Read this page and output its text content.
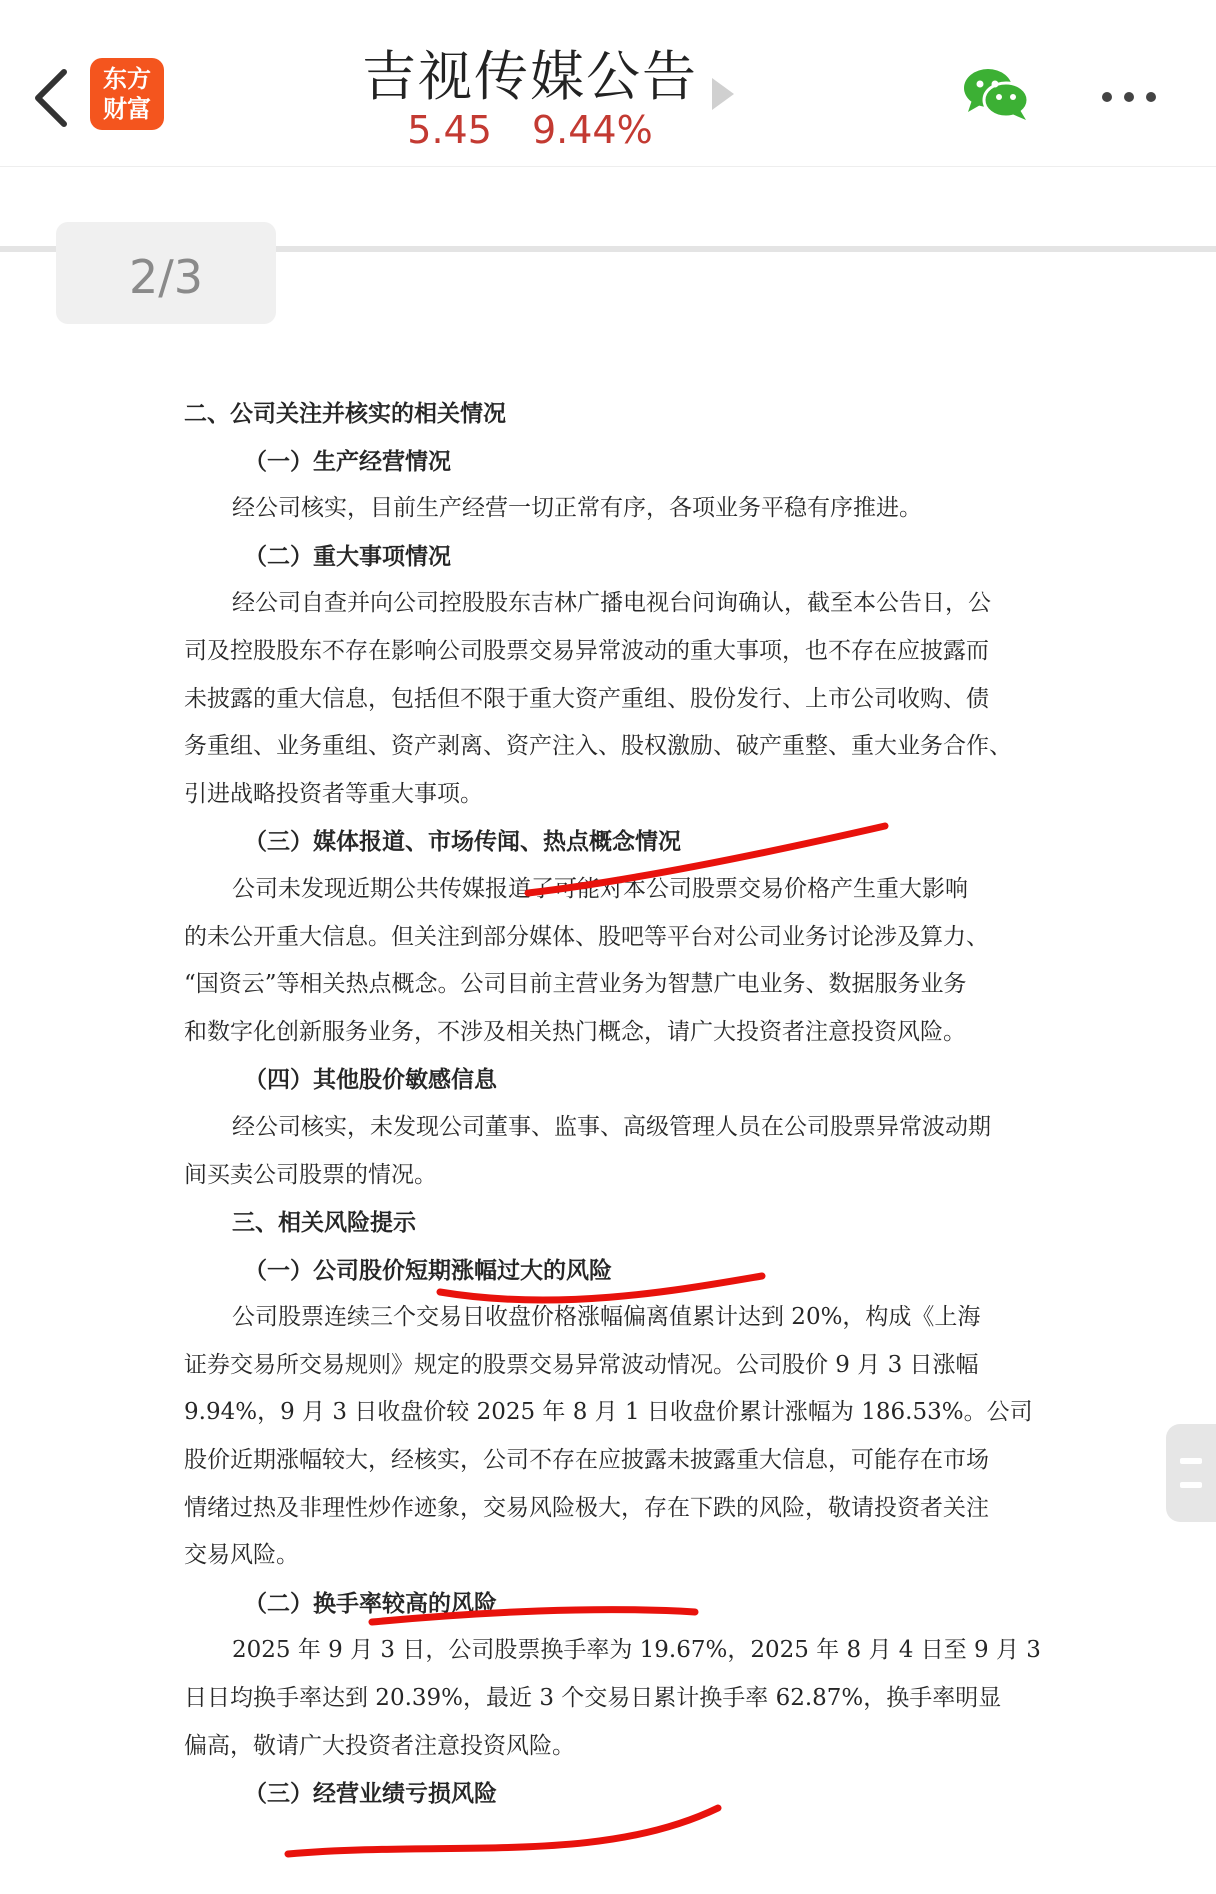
东方
财富
吉视传媒公告
5.45 9.44%
2/3
二、公司关注并核实的相关情况
（一）生产经营情况
经公司核实，目前生产经营一切正常有序，各项业务平稳有序推进。
（二）重大事项情况
经公司自查并向公司控股股东吉林广播电视台问询确认，截至本公告日，公
司及控股股东不存在影响公司股票交易异常波动的重大事项，也不存在应披露而
未披露的重大信息，包括但不限于重大资产重组、股份发行、上市公司收购、债
务重组、业务重组、资产剥离、资产注入、股权激励、破产重整、重大业务合作、
引进战略投资者等重大事项。
（三）媒体报道、市场传闻、热点概念情况
公司未发现近期公共传媒报道了可能对本公司股票交易价格产生重大影响
的未公开重大信息。但关注到部分媒体、股吧等平台对公司业务讨论涉及算力、
“国资云”等相关热点概念。公司目前主营业务为智慧广电业务、数据服务业务
和数字化创新服务业务，不涉及相关热门概念，请广大投资者注意投资风险。
（四）其他股价敏感信息
经公司核实，未发现公司董事、监事、高级管理人员在公司股票异常波动期
间买卖公司股票的情况。
三、相关风险提示
（一）公司股价短期涨幅过大的风险
公司股票连续三个交易日收盘价格涨幅偏离值累计达到 20%，构成《上海
证券交易所交易规则》规定的股票交易异常波动情况。公司股价 9 月 3 日涨幅
9.94%，9 月 3 日收盘价较 2025 年 8 月 1 日收盘价累计涨幅为 186.53%。公司
股价近期涨幅较大，经核实，公司不存在应披露未披露重大信息，可能存在市场
情绪过热及非理性炒作迹象，交易风险极大，存在下跌的风险，敬请投资者关注
交易风险。
（二）换手率较高的风险
2025 年 9 月 3 日，公司股票换手率为 19.67%，2025 年 8 月 4 日至 9 月 3
日日均换手率达到 20.39%，最近 3 个交易日累计换手率 62.87%，换手率明显
偏高，敬请广大投资者注意投资风险。
（三）经营业绩亏损风险
